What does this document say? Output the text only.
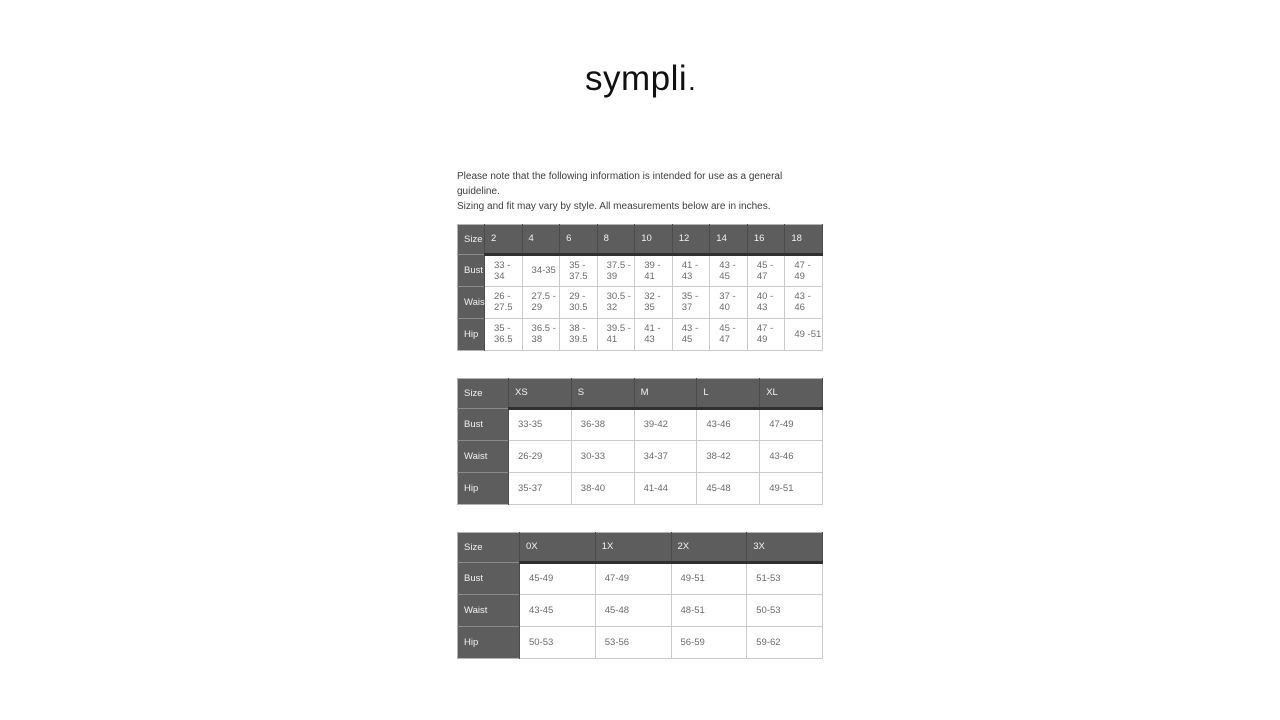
sympli .
Please note that the following information is intended for use as a general guideline.
Sizing and fit may vary by style. All measurements below are in inches.
Size	2	4	6	8	10	12	14	16	18
Bust	33 - 34	34-35	35 - 37.5	37.5 - 39	39 - 41	41 - 43	43 - 45	45 - 47	47 - 49
Waist	26 - 27.5	27.5 - 29	29 - 30.5	30.5 - 32	32 - 35	35 - 37	37 - 40	40 - 43	43 - 46
Hip	35 - 36.5	36.5 - 38	38 - 39.5	39.5 - 41	41 - 43	43 - 45	45 - 47	47 - 49	49 -51
Size	XS	S	M	L	XL
Bust	33-35	36-38	39-42	43-46	47-49
Waist	26-29	30-33	34-37	38-42	43-46
Hip	35-37	38-40	41-44	45-48	49-51
Size	0X	1X	2X	3X
Bust	45-49	47-49	49-51	51-53
Waist	43-45	45-48	48-51	50-53
Hip	50-53	53-56	56-59	59-62
